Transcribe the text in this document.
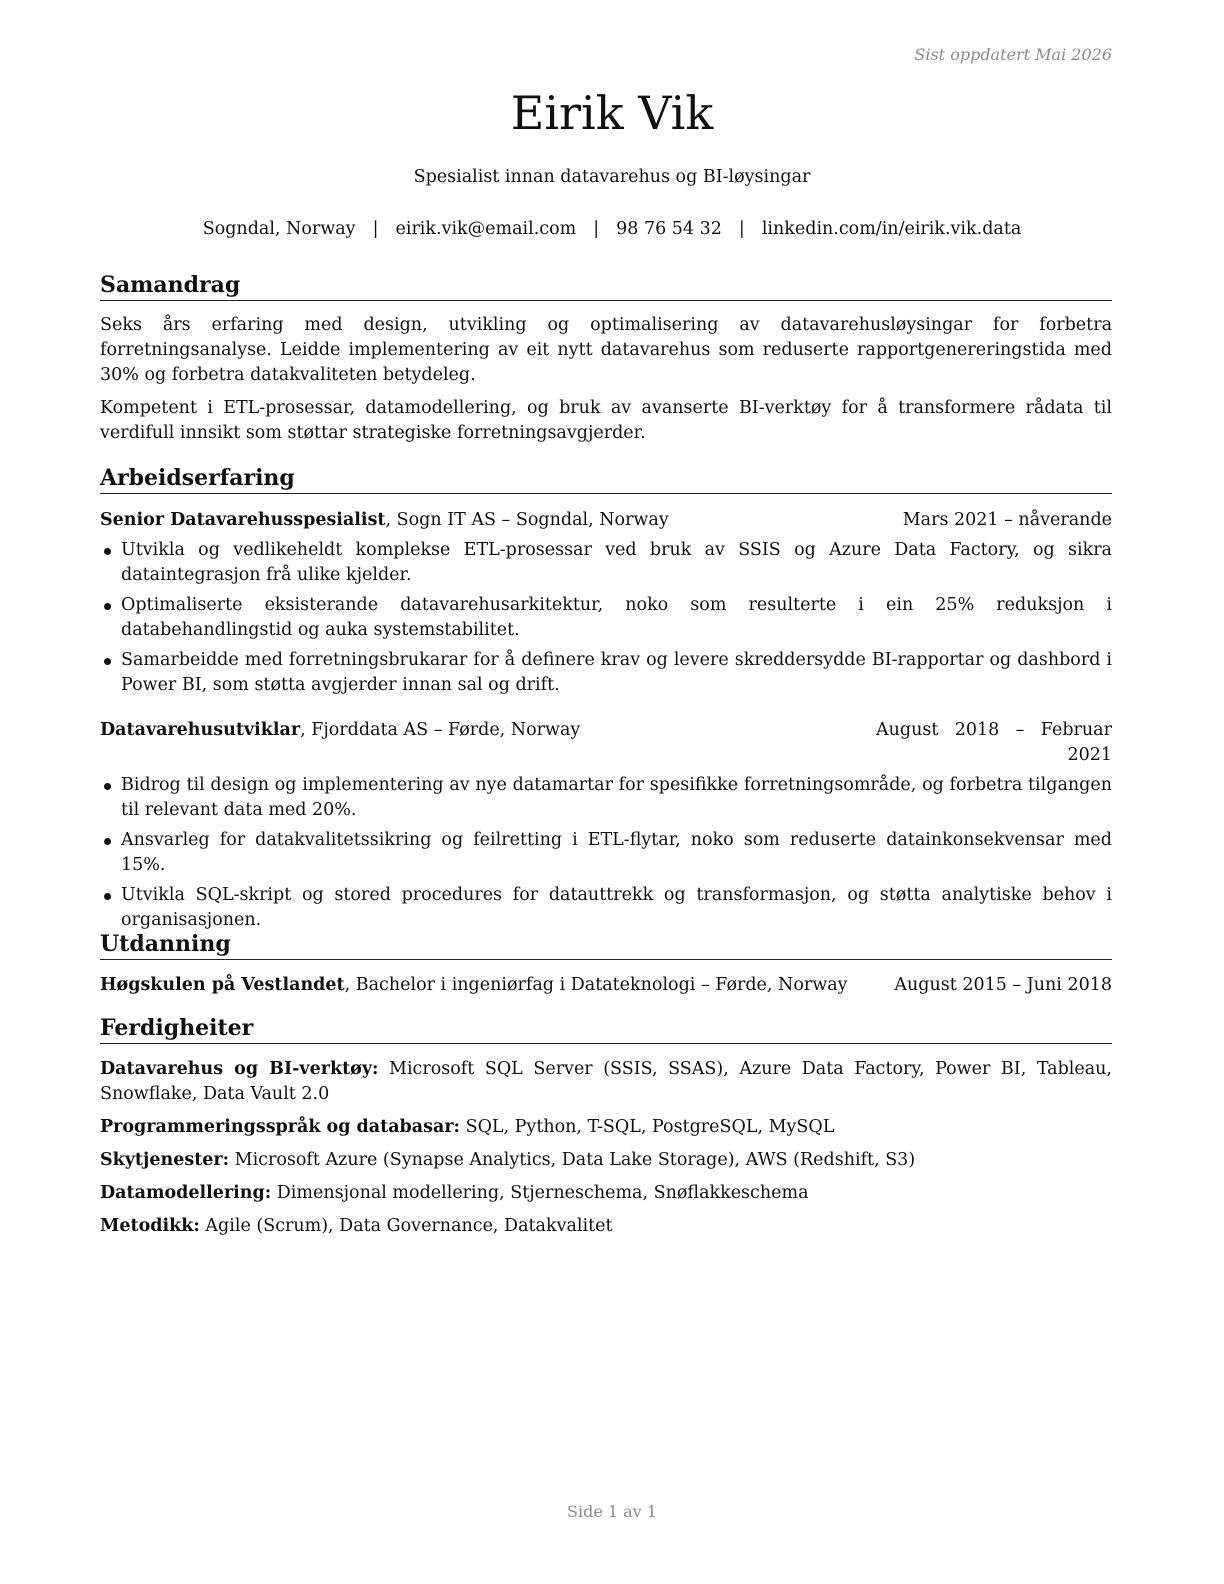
Sist oppdatert Mai 2026
Eirik Vik
Spesialist innan datavarehus og BI-løysingar
Sogndal, Norway | eirik.vik@email.com | 98 76 54 32 | linkedin.com/in/eirik.vik.data
Samandrag

Seks års erfaring med design, utvikling og optimalisering av datavarehusløysingar for forbetra forretningsanalyse. Leidde implementering av eit nytt datavarehus som reduserte rapportgenereringstida med 30% og forbetra datakvaliteten betydeleg.

Kompetent i ETL-prosessar, datamodellering, og bruk av avanserte BI-verktøy for å transformere rådata til verdifull innsikt som støttar strategiske forretningsavgjerder.

Arbeidserfaring
Senior Datavarehusspesialist, Sogn IT AS – Sogndal, Norway	Mars 2021 – nåverande
Utvikla og vedlikeheldt komplekse ETL-prosessar ved bruk av SSIS og Azure Data Factory, og sikra dataintegrasjon frå ulike kjelder.
Optimaliserte eksisterande datavarehusarkitektur, noko som resulterte i ein 25% reduksjon i databehandlingstid og auka systemstabilitet.
Samarbeidde med forretningsbrukarar for å definere krav og levere skreddersydde BI-rapportar og dashbord i Power BI, som støtta avgjerder innan sal og drift.
Datavarehusutviklar, Fjorddata AS – Førde, Norway	August 2018 – Februar 2021
Bidrog til design og implementering av nye datamartar for spesifikke forretningsområde, og forbetra tilgangen til relevant data med 20%.
Ansvarleg for datakvalitetssikring og feilretting i ETL-flytar, noko som reduserte datainkonsekvensar med 15%.
Utvikla SQL-skript og stored procedures for datauttrekk og transformasjon, og støtta analytiske behov i organisasjonen.
Utdanning
Høgskulen på Vestlandet, Bachelor i ingeniørfag i Datateknologi – Førde, Norway	August 2015 – Juni 2018
Ferdigheiter
Datavarehus og BI-verktøy: Microsoft SQL Server (SSIS, SSAS), Azure Data Factory, Power BI, Tableau, Snowflake, Data Vault 2.0
Programmeringsspråk og databasar: SQL, Python, T-SQL, PostgreSQL, MySQL
Skytjenester: Microsoft Azure (Synapse Analytics, Data Lake Storage), AWS (Redshift, S3)
Datamodellering: Dimensjonal modellering, Stjerneschema, Snøflakkeschema
Metodikk: Agile (Scrum), Data Governance, Datakvalitet
Side 1 av 1
